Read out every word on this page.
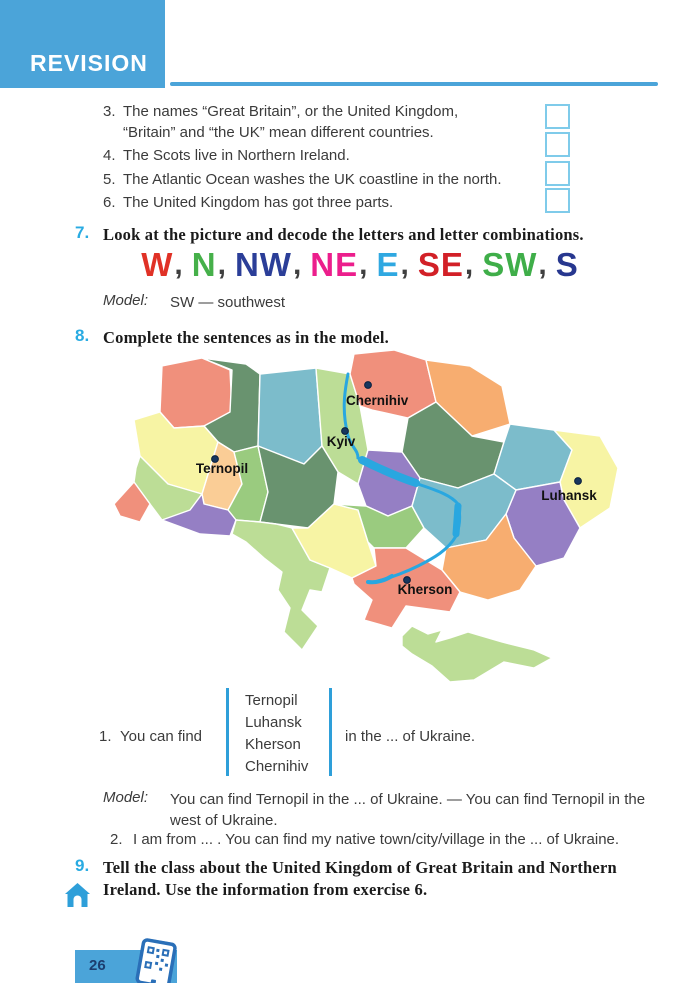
REVISION
3. The names “Great Britain”, or the United Kingdom,
“Britain” and “the UK” mean different countries.
4. The Scots live in Northern Ireland.
5. The Atlantic Ocean washes the UK coastline in the north.
6. The United Kingdom has got three parts.
7. Look at the picture and decode the letters and letter combinations.
W , N , NW , NE , E , SE , SW , S
Model: SW — southwest
8. Complete the sentences as in the model.
Chernihiv
Kyiv
Ternopil
Luhansk
Kherson
1. You can find
Ternopil
Luhansk
Kherson
Chernihiv
in the ... of Ukraine.
Model: You can find Ternopil in the ... of Ukraine. — You can find Ternopil in the
west of Ukraine.
2. I am from ... . You can find my native town/city/village in the ... of Ukraine.
9. Tell the class about the United Kingdom of Great Britain and Northern
Ireland. Use the information from exercise 6.
26
